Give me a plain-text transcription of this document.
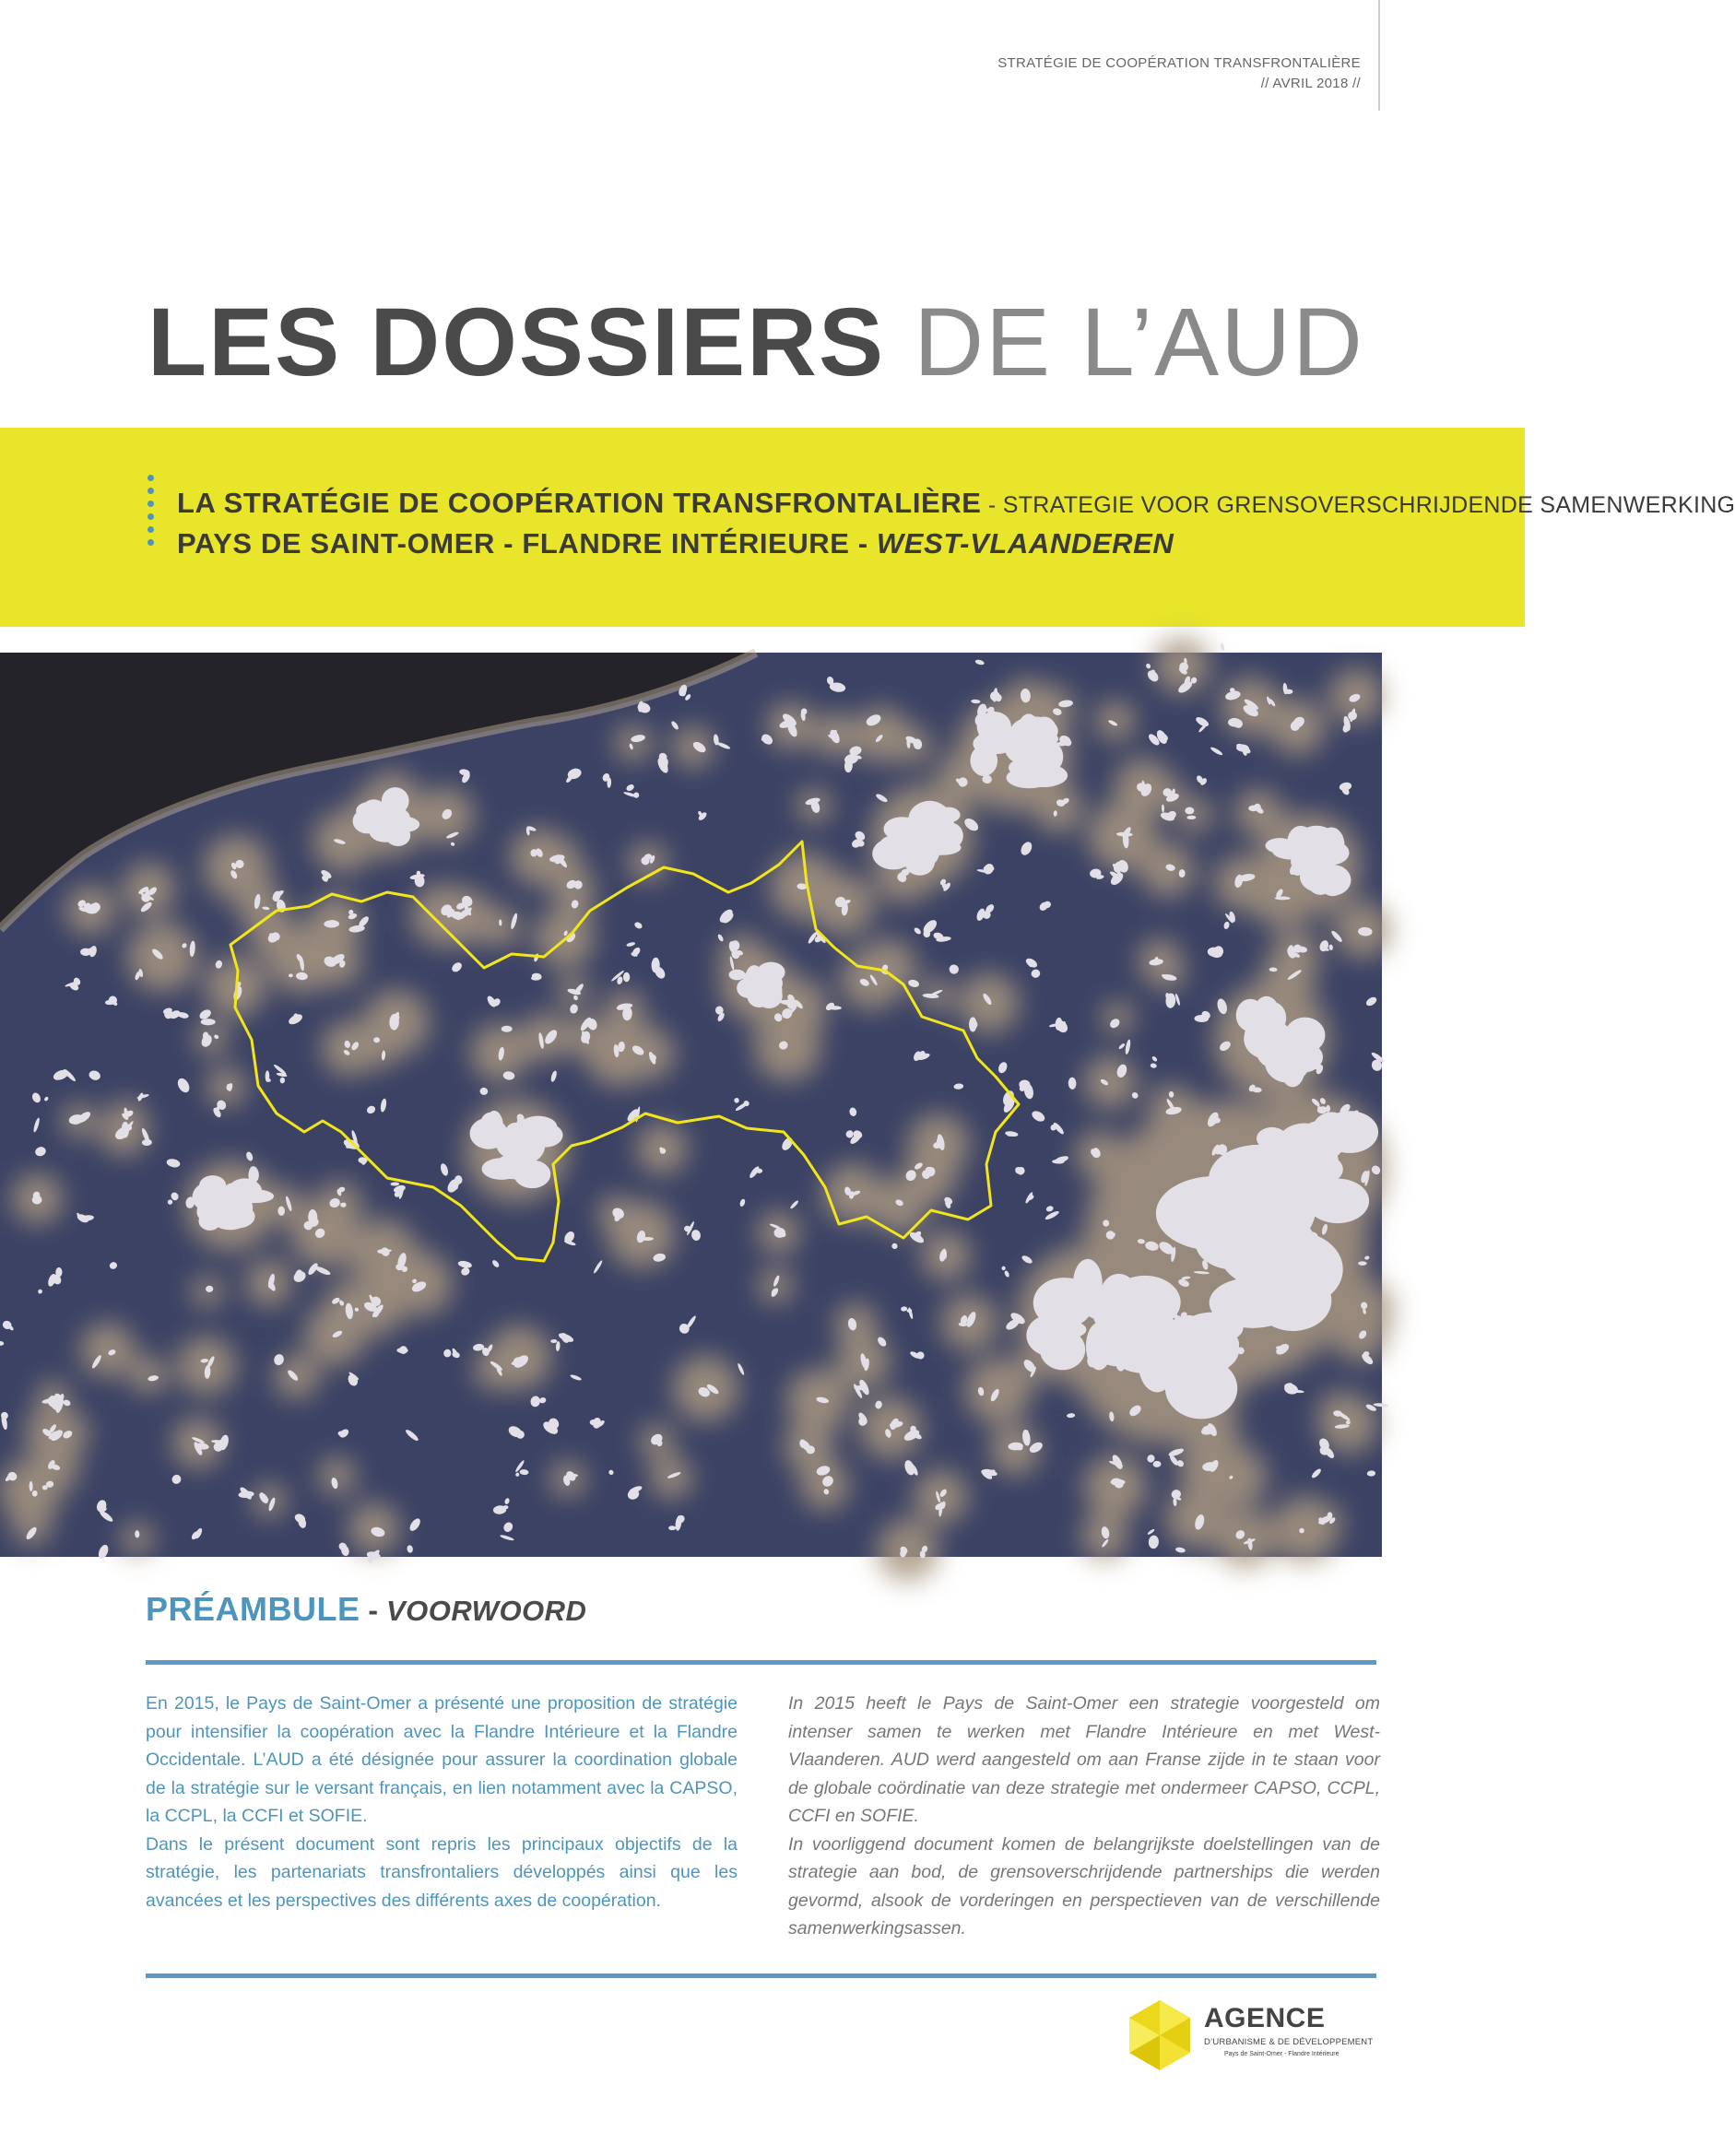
STRATÉGIE DE COOPÉRATION TRANSFRONTALIÈRE
// AVRIL 2018 //
LES DOSSIERS DE L’AUD
LA STRATÉGIE DE COOPÉRATION TRANSFRONTALIÈRE - STRATEGIE VOOR GRENSOVERSCHRIJDENDE SAMENWERKING
PAYS DE SAINT-OMER - FLANDRE INTÉRIEURE - WEST-VLAANDEREN
PRÉAMBULE - VOORWOORD

En 2015, le Pays de Saint-Omer a présenté une proposition de stratégie pour intensifier la coopération avec la Flandre Intérieure et la Flandre Occidentale. L’AUD a été désignée pour assurer la coordination globale de la stratégie sur le versant français, en lien notamment avec la CAPSO, la CCPL, la CCFI et SOFIE.

Dans le présent document sont repris les principaux objectifs de la stratégie, les partenariats transfrontaliers développés ainsi que les avancées et les perspectives des différents axes de coopération.

In 2015 heeft le Pays de Saint-Omer een strategie voorgesteld om intenser samen te werken met Flandre Intérieure en met West-Vlaanderen. AUD werd aangesteld om aan Franse zijde in te staan voor de globale coördinatie van deze strategie met ondermeer CAPSO, CCPL, CCFI en SOFIE.

In voorliggend document komen de belangrijkste doelstellingen van de strategie aan bod, de grensoverschrijdende partnerships die werden gevormd, alsook de vorderingen en perspectieven van de verschillende samenwerkingsassen.

AGENCE
D’URBANISME & DE DÉVELOPPEMENT
Pays de Saint-Omer - Flandre Intérieure
